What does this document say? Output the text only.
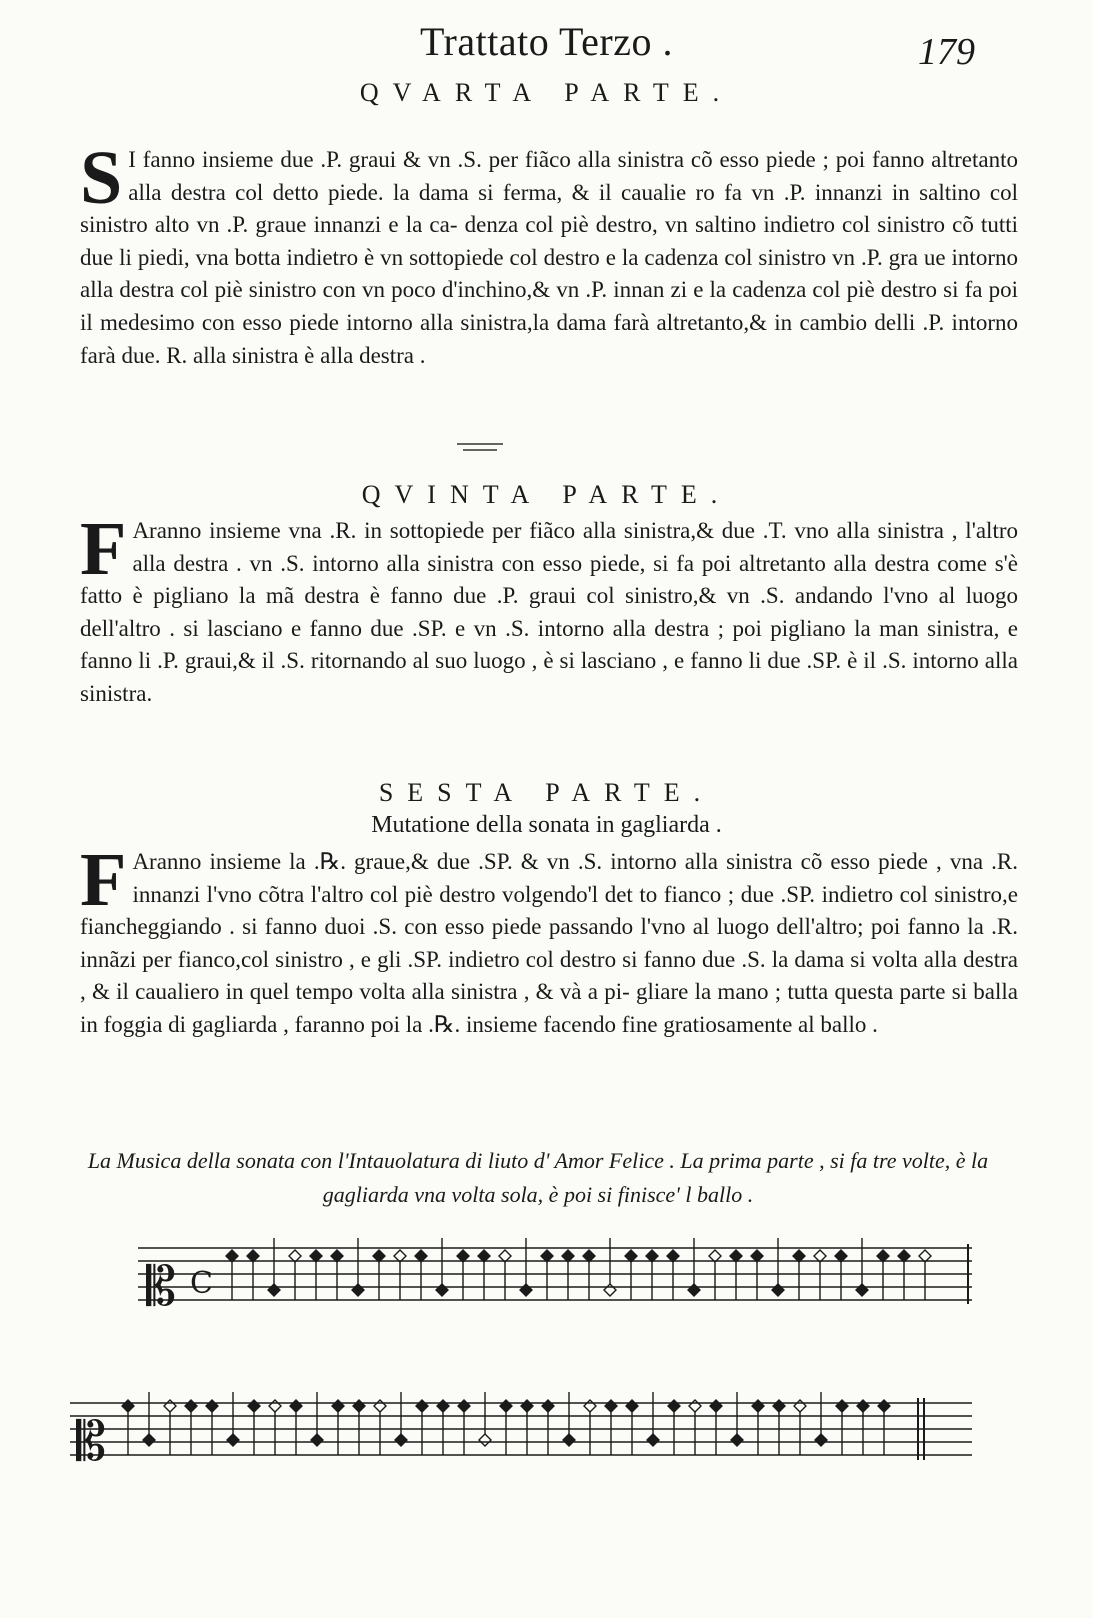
Trattato Terzo .	179
QVARTA PARTE.

S I fanno insieme due .P. graui & vn .S. per fiãco alla sinistra cõ esso piede ; poi fanno altretanto alla destra col detto piede. la dama si ferma, & il caualie ro fa vn .P. innanzi in saltino col sinistro alto vn .P. graue innanzi e la ca- denza col piè destro, vn saltino indietro col sinistro cõ tutti due li piedi, vna botta indietro è vn sottopiede col destro e la cadenza col sinistro vn .P. gra ue intorno alla destra col piè sinistro con vn poco d'inchino,& vn .P. innan zi e la cadenza col piè destro si fa poi il medesimo con esso piede intorno alla sinistra,la dama farà altretanto,& in cambio delli .P. intorno farà due. R. alla sinistra è alla destra .

QVINTA PARTE.

F Aranno insieme vna .R. in sottopiede per fiãco alla sinistra,& due .T. vno alla sinistra , l'altro alla destra . vn .S. intorno alla sinistra con esso piede, si fa poi altretanto alla destra come s'è fatto è pigliano la mã destra è fanno due .P. graui col sinistro,& vn .S. andando l'vno al luogo dell'altro . si lasciano e fanno due .SP. e vn .S. intorno alla destra ; poi pigliano la man sinistra, e fanno li .P. graui,& il .S. ritornando al suo luogo , è si lasciano , e fanno li due .SP. è il .S. intorno alla sinistra.

SESTA PARTE.
Mutatione della sonata in gagliarda .

F Aranno insieme la .℞. graue,& due .SP. & vn .S. intorno alla sinistra cõ esso piede , vna .R. innanzi l'vno cõtra l'altro col piè destro volgendo'l det to fianco ; due .SP. indietro col sinistro,e fiancheggiando . si fanno duoi .S. con esso piede passando l'vno al luogo dell'altro; poi fanno la .R. innãzi per fianco,col sinistro , e gli .SP. indietro col destro si fanno due .S. la dama si volta alla destra , & il caualiero in quel tempo volta alla sinistra , & và a pi- gliare la mano ; tutta questa parte si balla in foggia di gagliarda , faranno poi la .℞. insieme facendo fine gratiosamente al ballo .

La Musica della sonata con l'Intauolatura di liuto d' Amor Felice . La prima parte , si fa tre volte, è la gagliarda vna volta sola, è poi si finisce' l ballo .

𝄡 C
𝄡
